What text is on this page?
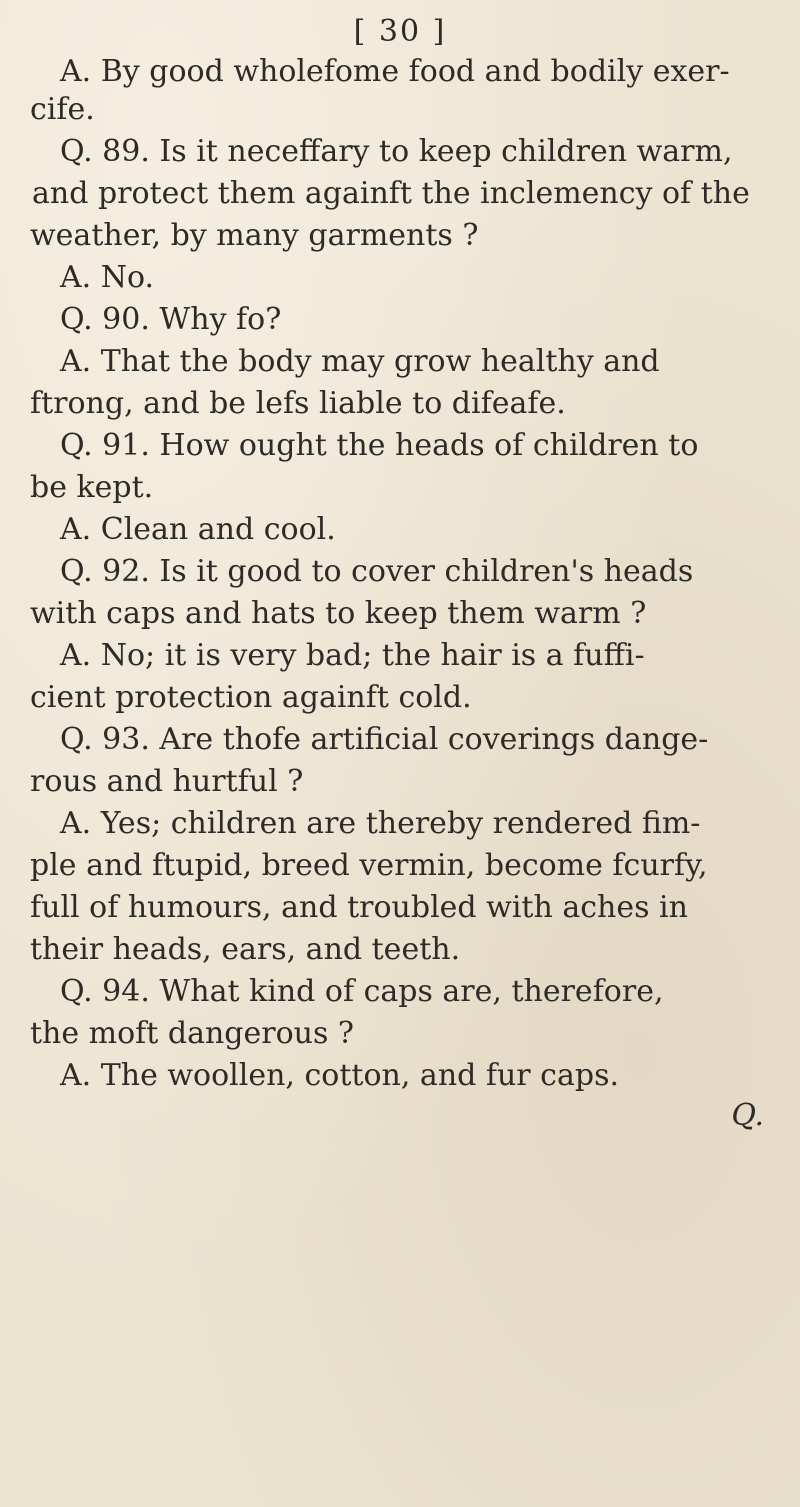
[ 30 ]
A. By good wholefome food and bodily exer-
cife.
Q. 89. Is it neceffary to keep children warm,
and protect them againft the inclemency of the
weather, by many garments ?
A. No.
Q. 90. Why fo?
A. That the body may grow healthy and
ftrong, and be lefs liable to difeafe.
Q. 91. How ought the heads of children to
be kept.
A. Clean and cool.
Q. 92. Is it good to cover children's heads
with caps and hats to keep them warm ?
A. No; it is very bad; the hair is a fuffi-
cient protection againft cold.
Q. 93. Are thofe artificial coverings dange-
rous and hurtful ?
A. Yes; children are thereby rendered fim-
ple and ftupid, breed vermin, become fcurfy,
full of humours, and troubled with aches in
their heads, ears, and teeth.
Q. 94. What kind of caps are, therefore,
the moft dangerous ?
A. The woollen, cotton, and fur caps.
Q.
